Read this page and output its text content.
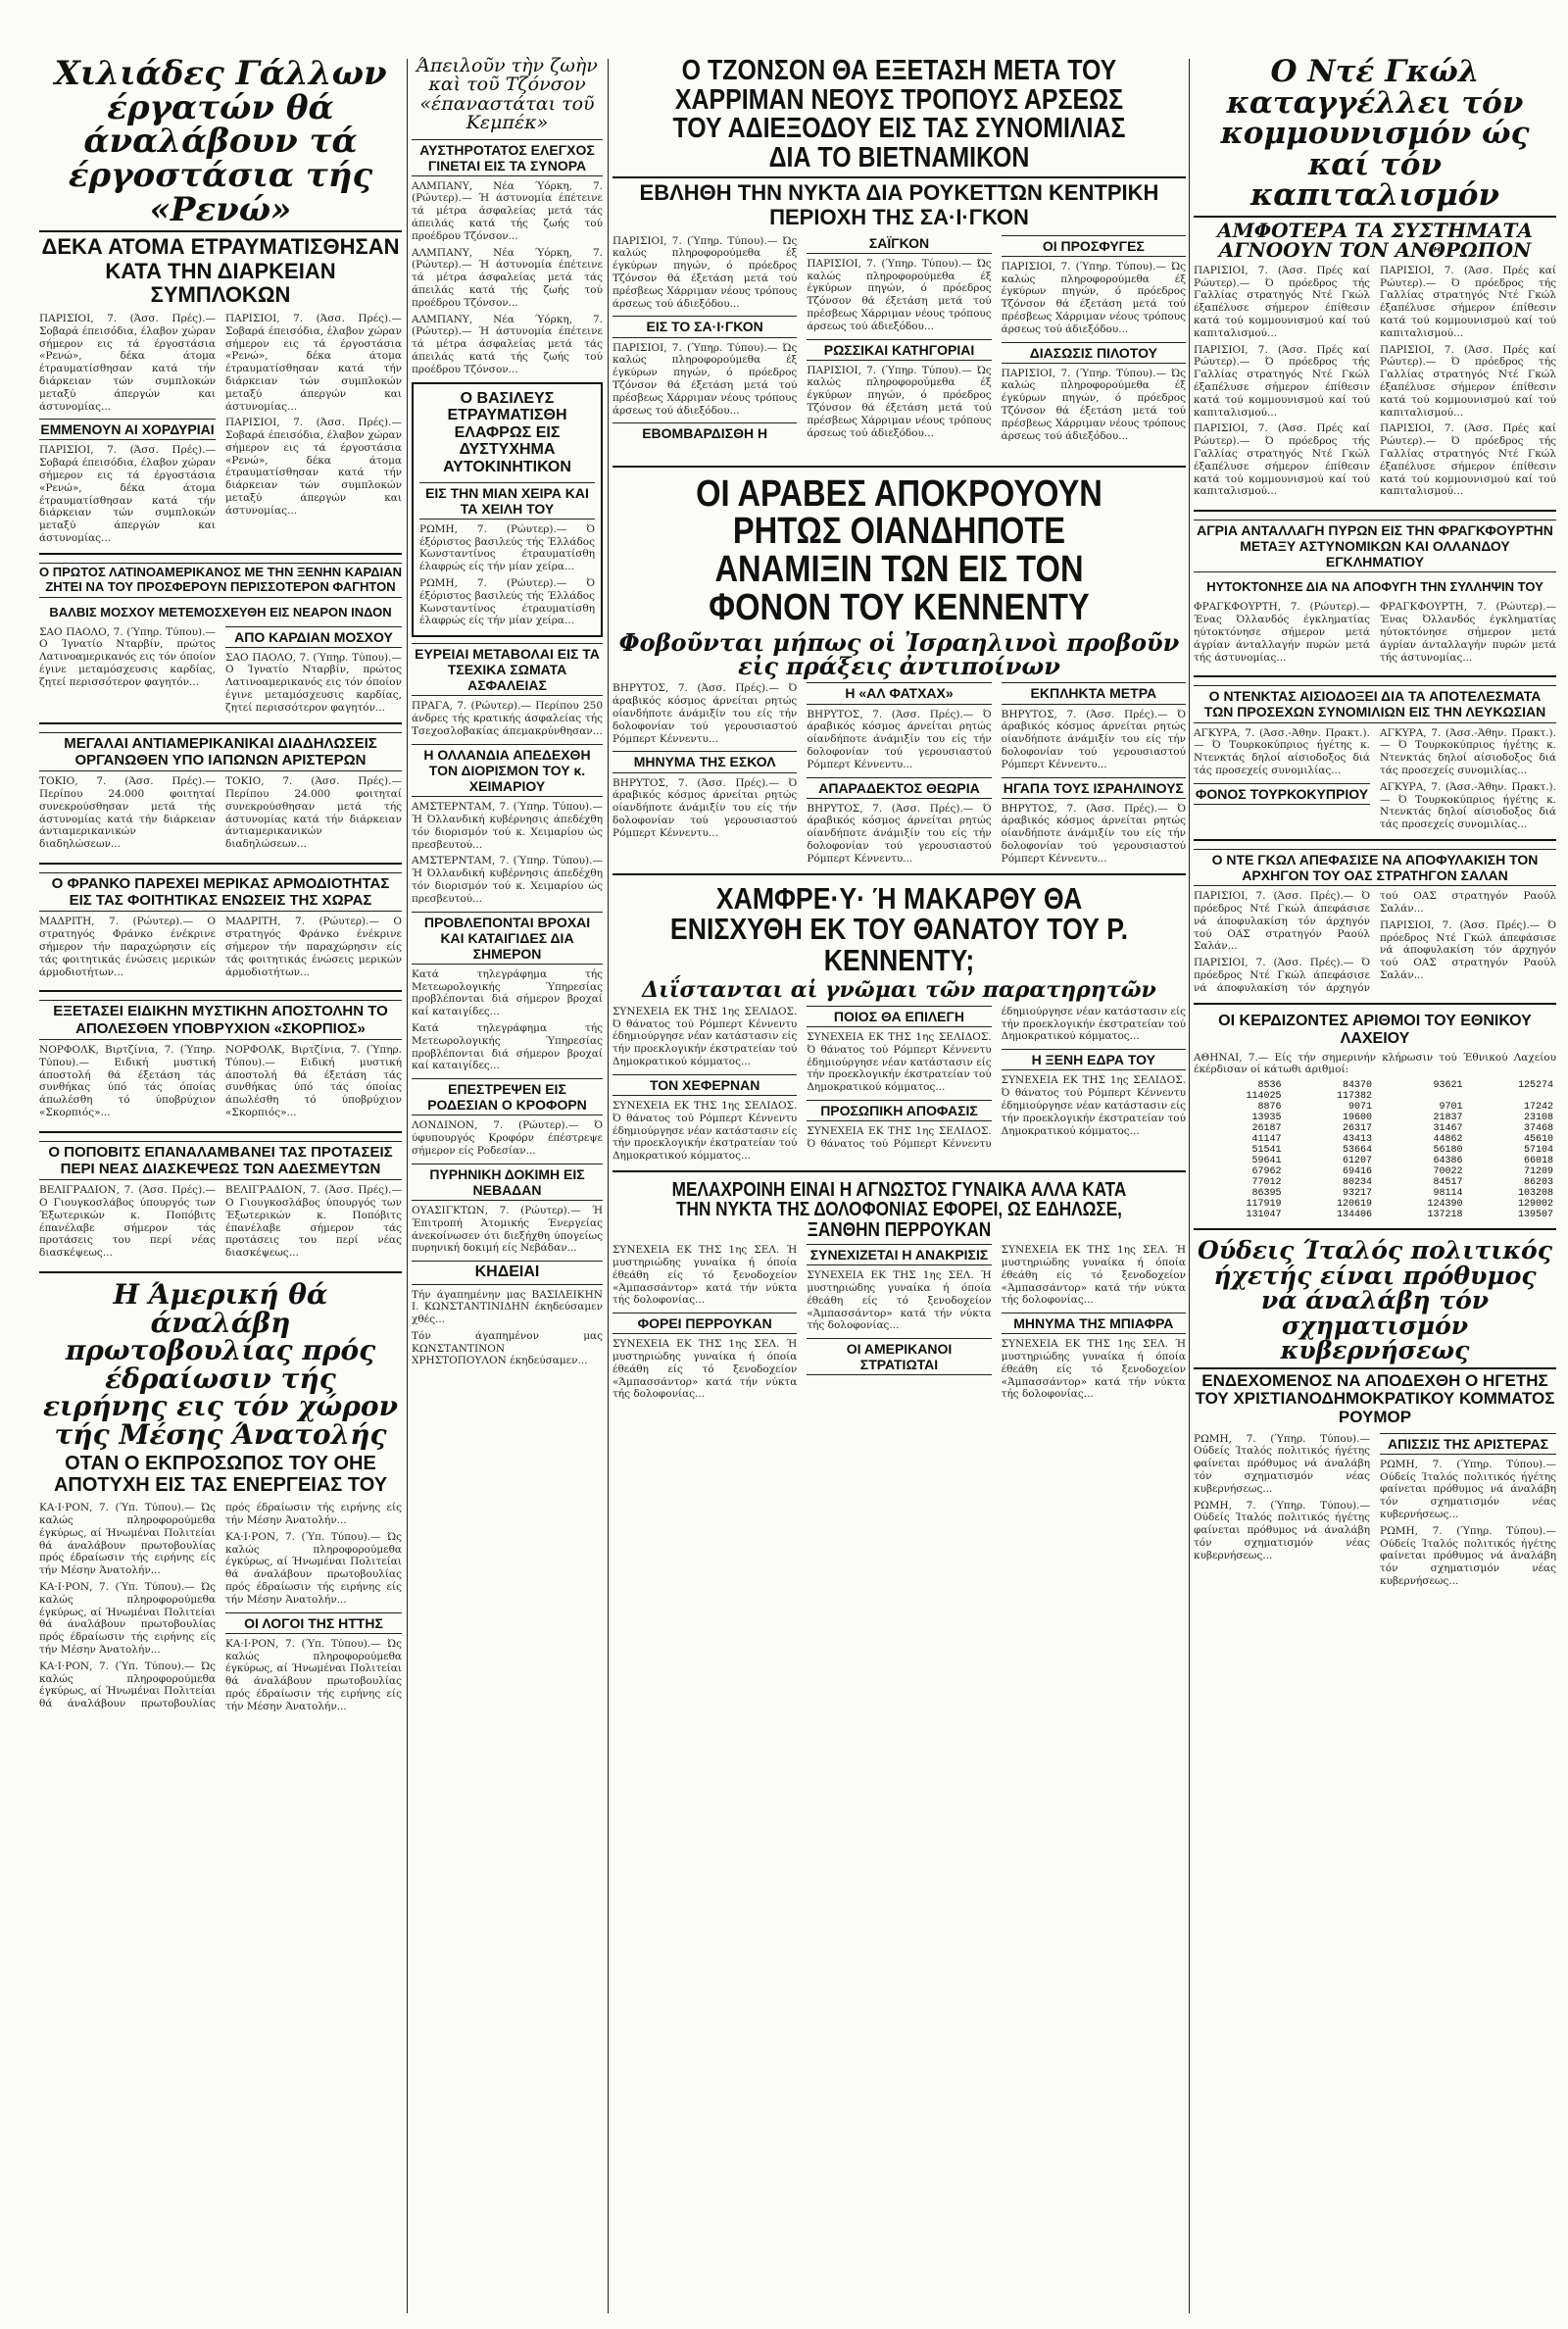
Χιλιάδες Γάλλων έργατών θά άναλάβουν τά έργοστάσια τής «Ρενώ»
ΔΕΚΑ ΑΤΟΜΑ ΕΤΡΑΥΜΑΤΙΣΘΗΣΑΝ ΚΑΤΑ ΤΗΝ ΔΙΑΡΚΕΙΑΝ ΣΥΜΠΛΟΚΩΝ

ΠΑΡΙΣΙΟΙ, 7. (Άσσ. Πρές).— Σοβαρά έπεισόδια, έλαβον χώραν σήμερον εις τά έργοστάσια «Ρενώ», δέκα άτομα έτραυματίσθησαν κατά τήν διάρκειαν τών συμπλοκών μεταξύ άπεργών και άστυνομίας...

ΕΜΜΕΝΟΥΝ ΑΙ ΧΟΡΔΥΡΙΑΙ

ΠΑΡΙΣΙΟΙ, 7. (Άσσ. Πρές).— Σοβαρά έπεισόδια, έλαβον χώραν σήμερον εις τά έργοστάσια «Ρενώ», δέκα άτομα έτραυματίσθησαν κατά τήν διάρκειαν τών συμπλοκών μεταξύ άπεργών και άστυνομίας...

ΠΑΡΙΣΙΟΙ, 7. (Άσσ. Πρές).— Σοβαρά έπεισόδια, έλαβον χώραν σήμερον εις τά έργοστάσια «Ρενώ», δέκα άτομα έτραυματίσθησαν κατά τήν διάρκειαν τών συμπλοκών μεταξύ άπεργών και άστυνομίας...

ΠΑΡΙΣΙΟΙ, 7. (Άσσ. Πρές).— Σοβαρά έπεισόδια, έλαβον χώραν σήμερον εις τά έργοστάσια «Ρενώ», δέκα άτομα έτραυματίσθησαν κατά τήν διάρκειαν τών συμπλοκών μεταξύ άπεργών και άστυνομίας...

Ο ΠΡΩΤΟΣ ΛΑΤΙΝΟΑΜΕΡΙΚΑΝΟΣ ΜΕ ΤΗΝ ΞΕΝΗΝ ΚΑΡΔΙΑΝ ΖΗΤΕΙ ΝΑ ΤΟΥ ΠΡΟΣΦΕΡΟΥΝ ΠΕΡΙΣΣΟΤΕΡΟΝ ΦΑΓΗΤΟΝ
ΒΑΛΒΙΣ ΜΟΣΧΟΥ ΜΕΤΕΜΟΣΧΕΥΘΗ ΕΙΣ ΝΕΑΡΟΝ ΙΝΔΟΝ

ΣΑΟ ΠΑΟΛΟ, 7. (Ύπηρ. Τύπου).— Ο Ίγνατίο Νταρβίν, πρώτος Λατινοαμερικανός εις τόν όποίον έγινε μεταμόσχευσις καρδίας, ζητεί περισσότερον φαγητόν...

ΑΠΟ ΚΑΡΔΙΑΝ ΜΟΣΧΟΥ

ΣΑΟ ΠΑΟΛΟ, 7. (Ύπηρ. Τύπου).— Ο Ίγνατίο Νταρβίν, πρώτος Λατινοαμερικανός εις τόν όποίον έγινε μεταμόσχευσις καρδίας, ζητεί περισσότερον φαγητόν...

ΜΕΓΑΛΑΙ ΑΝΤΙΑΜΕΡΙΚΑΝΙΚΑΙ ΔΙΑΔΗΛΩΣΕΙΣ ΟΡΓΑΝΩΘΕΝ ΥΠΟ ΙΑΠΩΝΩΝ ΑΡΙΣΤΕΡΩΝ

ΤΟΚΙΟ, 7. (Άσσ. Πρές).— Περίπου 24.000 φοιτηταί συνεκρούσθησαν μετά τής άστυνομίας κατά τήν διάρκειαν άντιαμερικανικών διαδηλώσεων...

ΤΟΚΙΟ, 7. (Άσσ. Πρές).— Περίπου 24.000 φοιτηταί συνεκρούσθησαν μετά τής άστυνομίας κατά τήν διάρκειαν άντιαμερικανικών διαδηλώσεων...

Ο ΦΡΑΝΚΟ ΠΑΡΕΧΕΙ ΜΕΡΙΚΑΣ ΑΡΜΟΔΙΟΤΗΤΑΣ ΕΙΣ ΤΑΣ ΦΟΙΤΗΤΙΚΑΣ ΕΝΩΣΕΙΣ ΤΗΣ ΧΩΡΑΣ

ΜΑΔΡΙΤΗ, 7. (Ρώυτερ).— Ο στρατηγός Φράνκο ένέκρινε σήμερον τήν παραχώρησιν είς τάς φοιτητικάς ένώσεις μερικών άρμοδιοτήτων...

ΜΑΔΡΙΤΗ, 7. (Ρώυτερ).— Ο στρατηγός Φράνκο ένέκρινε σήμερον τήν παραχώρησιν είς τάς φοιτητικάς ένώσεις μερικών άρμοδιοτήτων...

ΕΞΕΤΑΣΕΙ ΕΙΔΙΚΗΝ ΜΥΣΤΙΚΗΝ ΑΠΟΣΤΟΛΗΝ ΤΟ ΑΠΟΛΕΣΘΕΝ ΥΠΟΒΡΥΧΙΟΝ «ΣΚΟΡΠΙΟΣ»

ΝΟΡΦΟΛΚ, Βιρτζίνια, 7. (Ύπηρ. Τύπου).— Ειδική μυστική άποστολή θά έξετάση τάς συνθήκας ύπό τάς όποίας άπωλέσθη τό ύποβρύχιον «Σκορπιός»...

ΝΟΡΦΟΛΚ, Βιρτζίνια, 7. (Ύπηρ. Τύπου).— Ειδική μυστική άποστολή θά έξετάση τάς συνθήκας ύπό τάς όποίας άπωλέσθη τό ύποβρύχιον «Σκορπιός»...

Ο ΠΟΠΟΒΙΤΣ ΕΠΑΝΑΛΑΜΒΑΝΕΙ ΤΑΣ ΠΡΟΤΑΣΕΙΣ ΠΕΡΙ ΝΕΑΣ ΔΙΑΣΚΕΨΕΩΣ ΤΩΝ ΑΔΕΣΜΕΥΤΩΝ

ΒΕΛΙΓΡΑΔΙΟΝ, 7. (Άσσ. Πρές).— Ο Γιουγκοσλάβος ύπουργός των Έξωτερικών κ. Ποπόβιτς έπανέλαβε σήμερον τάς προτάσεις του περί νέας διασκέψεως...

ΒΕΛΙΓΡΑΔΙΟΝ, 7. (Άσσ. Πρές).— Ο Γιουγκοσλάβος ύπουργός των Έξωτερικών κ. Ποπόβιτς έπανέλαβε σήμερον τάς προτάσεις του περί νέας διασκέψεως...

Η Άμερική θά άναλάβη πρωτοβουλίας πρός έδραίωσιν τής ειρήνης εις τόν χώρον τής Μέσης Άνατολής
ΟΤΑΝ Ο ΕΚΠΡΟΣΩΠΟΣ ΤΟΥ ΟΗΕ ΑΠΟΤΥΧΗ ΕΙΣ ΤΑΣ ΕΝΕΡΓΕΙΑΣ ΤΟΥ

ΚΑ·Ι·ΡΟΝ, 7. (Ύπ. Τύπου).— Ώς καλώς πληροφορούμεθα έγκύρως, αί Ήνωμέναι Πολιτείαι θά άναλάβουν πρωτοβουλίας πρός έδραίωσιν τής ειρήνης είς τήν Μέσην Άνατολήν...

ΚΑ·Ι·ΡΟΝ, 7. (Ύπ. Τύπου).— Ώς καλώς πληροφορούμεθα έγκύρως, αί Ήνωμέναι Πολιτείαι θά άναλάβουν πρωτοβουλίας πρός έδραίωσιν τής ειρήνης είς τήν Μέσην Άνατολήν...

ΚΑ·Ι·ΡΟΝ, 7. (Ύπ. Τύπου).— Ώς καλώς πληροφορούμεθα έγκύρως, αί Ήνωμέναι Πολιτείαι θά άναλάβουν πρωτοβουλίας πρός έδραίωσιν τής ειρήνης είς τήν Μέσην Άνατολήν...

ΚΑ·Ι·ΡΟΝ, 7. (Ύπ. Τύπου).— Ώς καλώς πληροφορούμεθα έγκύρως, αί Ήνωμέναι Πολιτείαι θά άναλάβουν πρωτοβουλίας πρός έδραίωσιν τής ειρήνης είς τήν Μέσην Άνατολήν...

ΟΙ ΛΟΓΟΙ ΤΗΣ ΗΤΤΗΣ

ΚΑ·Ι·ΡΟΝ, 7. (Ύπ. Τύπου).— Ώς καλώς πληροφορούμεθα έγκύρως, αί Ήνωμέναι Πολιτείαι θά άναλάβουν πρωτοβουλίας πρός έδραίωσιν τής ειρήνης είς τήν Μέσην Άνατολήν...

Άπειλοῦν τὴν ζωὴν καὶ τοῦ Τζόνσον «έπαναστάται τοῦ Κεμπέκ»
ΑΥΣΤΗΡΟΤΑΤΟΣ ΕΛΕΓΧΟΣ ΓΙΝΕΤΑΙ ΕΙΣ ΤΑ ΣΥΝΟΡΑ

ΑΛΜΠΑΝΥ, Νέα Ύόρκη, 7. (Ρώυτερ).— Ή άστυνομία έπέτεινε τά μέτρα άσφαλείας μετά τάς άπειλάς κατά τής ζωής τού προέδρου Τζόνσον...

ΑΛΜΠΑΝΥ, Νέα Ύόρκη, 7. (Ρώυτερ).— Ή άστυνομία έπέτεινε τά μέτρα άσφαλείας μετά τάς άπειλάς κατά τής ζωής τού προέδρου Τζόνσον...

ΑΛΜΠΑΝΥ, Νέα Ύόρκη, 7. (Ρώυτερ).— Ή άστυνομία έπέτεινε τά μέτρα άσφαλείας μετά τάς άπειλάς κατά τής ζωής τού προέδρου Τζόνσον...

Ο ΒΑΣΙΛΕΥΣ ΕΤΡΑΥΜΑΤΙΣΘΗ ΕΛΑΦΡΩΣ ΕΙΣ ΔΥΣΤΥΧΗΜΑ ΑΥΤΟΚΙΝΗΤΙΚΟΝ
ΕΙΣ ΤΗΝ ΜΙΑΝ ΧΕΙΡΑ ΚΑΙ ΤΑ ΧΕΙΛΗ ΤΟΥ

ΡΩΜΗ, 7. (Ρώυτερ).— Ό έξόριστος βασιλεύς τής Έλλάδος Κωνσταντίνος έτραυματίσθη έλαφρώς είς τήν μίαν χείρα...

ΡΩΜΗ, 7. (Ρώυτερ).— Ό έξόριστος βασιλεύς τής Έλλάδος Κωνσταντίνος έτραυματίσθη έλαφρώς είς τήν μίαν χείρα...

ΕΥΡΕΙΑΙ ΜΕΤΑΒΟΛΑΙ ΕΙΣ ΤΑ ΤΣΕΧΙΚΑ ΣΩΜΑΤΑ ΑΣΦΑΛΕΙΑΣ

ΠΡΑΓΑ, 7. (Ρώυτερ).— Περίπου 250 άνδρες τής κρατικής άσφαλείας τής Τσεχοσλοβακίας άπεμακρύνθησαν...

Η ΟΛΛΑΝΔΙΑ ΑΠΕΔΕΧΘΗ ΤΟΝ ΔΙΟΡΙΣΜΟΝ ΤΟΥ κ. ΧΕΙΜΑΡΙΟΥ

ΑΜΣΤΕΡΝΤΑΜ, 7. (Ύπηρ. Τύπου).— Ή Όλλανδική κυβέρνησις άπεδέχθη τόν διορισμόν τού κ. Χειμαρίου ώς πρεσβευτού...

ΑΜΣΤΕΡΝΤΑΜ, 7. (Ύπηρ. Τύπου).— Ή Όλλανδική κυβέρνησις άπεδέχθη τόν διορισμόν τού κ. Χειμαρίου ώς πρεσβευτού...

ΠΡΟΒΛΕΠΟΝΤΑΙ ΒΡΟΧΑΙ ΚΑΙ ΚΑΤΑΙΓΙΔΕΣ ΔΙΑ ΣΗΜΕΡΟΝ

Κατά τηλεγράφημα τής Μετεωρολογικής Ύπηρεσίας προβλέπονται διά σήμερον βροχαί καί καταιγίδες...

Κατά τηλεγράφημα τής Μετεωρολογικής Ύπηρεσίας προβλέπονται διά σήμερον βροχαί καί καταιγίδες...

ΕΠΕΣΤΡΕΨΕΝ ΕΙΣ ΡΟΔΕΣΙΑΝ Ο ΚΡΟΦΟΡΝ

ΛΟΝΔΙΝΟΝ, 7. (Ρώυτερ).— Ό ύφυπουργός Κροφόρν έπέστρεψε σήμερον είς Ροδεσίαν...

ΠΥΡΗΝΙΚΗ ΔΟΚΙΜΗ ΕΙΣ ΝΕΒΑΔΑΝ

ΟΥΑΣΙΓΚΤΩΝ, 7. (Ρώυτερ).— Ή Έπιτροπή Άτομικής Ένεργείας άνεκοίνωσεν ότι διεξήχθη ύπογείως πυρηνική δοκιμή είς Νεβάδαν...

ΚΗΔΕΙΑΙ

Τήν άγαπημένην μας ΒΑΣΙΛΕΙΚΗΝ Ι. ΚΩΝΣΤΑΝΤΙΝΙΔΗΝ έκηδεύσαμεν χθές...

Τόν άγαπημένον μας ΚΩΝΣΤΑΝΤΙΝΟΝ ΧΡΗΣΤΟΠΟΥΛΟΝ έκηδεύσαμεν...

Ο ΤΖΟΝΣΟΝ ΘΑ ΕΞΕΤΑΣΗ ΜΕΤΑ ΤΟΥ ΧΑΡΡΙΜΑΝ ΝΕΟΥΣ ΤΡΟΠΟΥΣ ΑΡΣΕΩΣ ΤΟΥ ΑΔΙΕΞΟΔΟΥ ΕΙΣ ΤΑΣ ΣΥΝΟΜΙΛΙΑΣ ΔΙΑ ΤΟ ΒΙΕΤΝΑΜΙΚΟΝ
ΕΒΛΗΘΗ ΤΗΝ ΝΥΚΤΑ ΔΙΑ ΡΟΥΚΕΤΤΩΝ ΚΕΝΤΡΙΚΗ ΠΕΡΙΟΧΗ ΤΗΣ ΣΑ·Ι·ΓΚΟΝ

ΠΑΡΙΣΙΟΙ, 7. (Ύπηρ. Τύπου).— Ώς καλώς πληροφορούμεθα έξ έγκύρων πηγών, ό πρόεδρος Τζόνσον θά έξετάση μετά τού πρέσβεως Χάρριμαν νέους τρόπους άρσεως τού άδιεξόδου...

ΕΙΣ ΤΟ ΣΑ·Ι·ΓΚΟΝ

ΠΑΡΙΣΙΟΙ, 7. (Ύπηρ. Τύπου).— Ώς καλώς πληροφορούμεθα έξ έγκύρων πηγών, ό πρόεδρος Τζόνσον θά έξετάση μετά τού πρέσβεως Χάρριμαν νέους τρόπους άρσεως τού άδιεξόδου...

ΕΒΟΜΒΑΡΔΙΣΘΗ Η ΣΑΪΓΚΟΝ

ΠΑΡΙΣΙΟΙ, 7. (Ύπηρ. Τύπου).— Ώς καλώς πληροφορούμεθα έξ έγκύρων πηγών, ό πρόεδρος Τζόνσον θά έξετάση μετά τού πρέσβεως Χάρριμαν νέους τρόπους άρσεως τού άδιεξόδου...

ΡΩΣΣΙΚΑΙ ΚΑΤΗΓΟΡΙΑΙ

ΠΑΡΙΣΙΟΙ, 7. (Ύπηρ. Τύπου).— Ώς καλώς πληροφορούμεθα έξ έγκύρων πηγών, ό πρόεδρος Τζόνσον θά έξετάση μετά τού πρέσβεως Χάρριμαν νέους τρόπους άρσεως τού άδιεξόδου...

ΟΙ ΠΡΟΣΦΥΓΕΣ

ΠΑΡΙΣΙΟΙ, 7. (Ύπηρ. Τύπου).— Ώς καλώς πληροφορούμεθα έξ έγκύρων πηγών, ό πρόεδρος Τζόνσον θά έξετάση μετά τού πρέσβεως Χάρριμαν νέους τρόπους άρσεως τού άδιεξόδου...

ΔΙΑΣΩΣΙΣ ΠΙΛΟΤΟΥ

ΠΑΡΙΣΙΟΙ, 7. (Ύπηρ. Τύπου).— Ώς καλώς πληροφορούμεθα έξ έγκύρων πηγών, ό πρόεδρος Τζόνσον θά έξετάση μετά τού πρέσβεως Χάρριμαν νέους τρόπους άρσεως τού άδιεξόδου...

ΟΙ ΑΡΑΒΕΣ ΑΠΟΚΡΟΥΟΥΝ ΡΗΤΩΣ ΟΙΑΝΔΗΠΟΤΕ ΑΝΑΜΙΞΙΝ ΤΩΝ ΕΙΣ ΤΟΝ ΦΟΝΟΝ ΤΟΥ ΚΕΝΝΕΝΤΥ
Φοβοῦνται μήπως οἱ Ἰσραηλινοὶ προβοῦν εἰς πράξεις ἀντιποίνων

ΒΗΡΥΤΟΣ, 7. (Άσσ. Πρές).— Ό άραβικός κόσμος άρνείται ρητώς οίανδήποτε άνάμιξίν του είς τήν δολοφονίαν τού γερουσιαστού Ρόμπερτ Κέννεντυ...

ΜΗΝΥΜΑ ΤΗΣ ΕΣΚΟΛ

ΒΗΡΥΤΟΣ, 7. (Άσσ. Πρές).— Ό άραβικός κόσμος άρνείται ρητώς οίανδήποτε άνάμιξίν του είς τήν δολοφονίαν τού γερουσιαστού Ρόμπερτ Κέννεντυ...

Η «ΑΛ ΦΑΤΧΑΧ»

ΒΗΡΥΤΟΣ, 7. (Άσσ. Πρές).— Ό άραβικός κόσμος άρνείται ρητώς οίανδήποτε άνάμιξίν του είς τήν δολοφονίαν τού γερουσιαστού Ρόμπερτ Κέννεντυ...

ΑΠΑΡΑΔΕΚΤΟΣ ΘΕΩΡΙΑ

ΒΗΡΥΤΟΣ, 7. (Άσσ. Πρές).— Ό άραβικός κόσμος άρνείται ρητώς οίανδήποτε άνάμιξίν του είς τήν δολοφονίαν τού γερουσιαστού Ρόμπερτ Κέννεντυ...

ΕΚΠΛΗΚΤΑ ΜΕΤΡΑ

ΒΗΡΥΤΟΣ, 7. (Άσσ. Πρές).— Ό άραβικός κόσμος άρνείται ρητώς οίανδήποτε άνάμιξίν του είς τήν δολοφονίαν τού γερουσιαστού Ρόμπερτ Κέννεντυ...

ΗΓΑΠΑ ΤΟΥΣ ΙΣΡΑΗΛΙΝΟΥΣ

ΒΗΡΥΤΟΣ, 7. (Άσσ. Πρές).— Ό άραβικός κόσμος άρνείται ρητώς οίανδήποτε άνάμιξίν του είς τήν δολοφονίαν τού γερουσιαστού Ρόμπερτ Κέννεντυ...

ΧΑΜΦΡΕ·Υ· Ή ΜΑΚΑΡΘΥ ΘΑ ΕΝΙΣΧΥΘΗ ΕΚ ΤΟΥ ΘΑΝΑΤΟΥ ΤΟΥ Ρ. ΚΕΝΝΕΝΤΥ;
Διΐστανται αἱ γνῶμαι τῶν παρατηρητῶν

ΣΥΝΕΧΕΙΑ ΕΚ ΤΗΣ 1ης ΣΕΛΙΔΟΣ. Ό θάνατος τού Ρόμπερτ Κέννεντυ έδημιούργησε νέαν κατάστασιν είς τήν προεκλογικήν έκστρατείαν τού Δημοκρατικού κόμματος...

ΤΟΝ ΧΕΦΕΡΝΑΝ

ΣΥΝΕΧΕΙΑ ΕΚ ΤΗΣ 1ης ΣΕΛΙΔΟΣ. Ό θάνατος τού Ρόμπερτ Κέννεντυ έδημιούργησε νέαν κατάστασιν είς τήν προεκλογικήν έκστρατείαν τού Δημοκρατικού κόμματος...

ΠΟΙΟΣ ΘΑ ΕΠΙΛΕΓΗ

ΣΥΝΕΧΕΙΑ ΕΚ ΤΗΣ 1ης ΣΕΛΙΔΟΣ. Ό θάνατος τού Ρόμπερτ Κέννεντυ έδημιούργησε νέαν κατάστασιν είς τήν προεκλογικήν έκστρατείαν τού Δημοκρατικού κόμματος...

ΠΡΟΣΩΠΙΚΗ ΑΠΟΦΑΣΙΣ

ΣΥΝΕΧΕΙΑ ΕΚ ΤΗΣ 1ης ΣΕΛΙΔΟΣ. Ό θάνατος τού Ρόμπερτ Κέννεντυ έδημιούργησε νέαν κατάστασιν είς τήν προεκλογικήν έκστρατείαν τού Δημοκρατικού κόμματος...

Η ΞΕΝΗ ΕΔΡΑ ΤΟΥ

ΣΥΝΕΧΕΙΑ ΕΚ ΤΗΣ 1ης ΣΕΛΙΔΟΣ. Ό θάνατος τού Ρόμπερτ Κέννεντυ έδημιούργησε νέαν κατάστασιν είς τήν προεκλογικήν έκστρατείαν τού Δημοκρατικού κόμματος...

ΜΕΛΑΧΡΟΙΝΗ ΕΙΝΑΙ Η ΑΓΝΩΣΤΟΣ ΓΥΝΑΙΚΑ ΑΛΛΑ ΚΑΤΑ ΤΗΝ ΝΥΚΤΑ ΤΗΣ ΔΟΛΟΦΟΝΙΑΣ ΕΦΟΡΕΙ, ΩΣ ΕΔΗΛΩΣΕ, ΞΑΝΘΗΝ ΠΕΡΡΟΥΚΑΝ

ΣΥΝΕΧΕΙΑ ΕΚ ΤΗΣ 1ης ΣΕΛ. Ή μυστηριώδης γυναίκα ή όποία έθεάθη είς τό ξενοδοχείον «Άμπασσάντορ» κατά τήν νύκτα τής δολοφονίας...

ΦΟΡΕΙ ΠΕΡΡΟΥΚΑΝ

ΣΥΝΕΧΕΙΑ ΕΚ ΤΗΣ 1ης ΣΕΛ. Ή μυστηριώδης γυναίκα ή όποία έθεάθη είς τό ξενοδοχείον «Άμπασσάντορ» κατά τήν νύκτα τής δολοφονίας...

ΣΥΝΕΧΙΖΕΤΑΙ Η ΑΝΑΚΡΙΣΙΣ

ΣΥΝΕΧΕΙΑ ΕΚ ΤΗΣ 1ης ΣΕΛ. Ή μυστηριώδης γυναίκα ή όποία έθεάθη είς τό ξενοδοχείον «Άμπασσάντορ» κατά τήν νύκτα τής δολοφονίας...

ΟΙ ΑΜΕΡΙΚΑΝΟΙ ΣΤΡΑΤΙΩΤΑΙ

ΣΥΝΕΧΕΙΑ ΕΚ ΤΗΣ 1ης ΣΕΛ. Ή μυστηριώδης γυναίκα ή όποία έθεάθη είς τό ξενοδοχείον «Άμπασσάντορ» κατά τήν νύκτα τής δολοφονίας...

ΜΗΝΥΜΑ ΤΗΣ ΜΠΙΑΦΡΑ

ΣΥΝΕΧΕΙΑ ΕΚ ΤΗΣ 1ης ΣΕΛ. Ή μυστηριώδης γυναίκα ή όποία έθεάθη είς τό ξενοδοχείον «Άμπασσάντορ» κατά τήν νύκτα τής δολοφονίας...

Ο Ντέ Γκώλ καταγγέλλει τόν κομμουνισμόν ώς καί τόν καπιταλισμόν
ΑΜΦΟΤΕΡΑ ΤΑ ΣΥΣΤΗΜΑΤΑ ΑΓΝΟΟΥΝ ΤΟΝ ΑΝΘΡΩΠΟΝ

ΠΑΡΙΣΙΟΙ, 7. (Άσσ. Πρές καί Ρώυτερ).— Ό πρόεδρος τής Γαλλίας στρατηγός Ντέ Γκώλ έξαπέλυσε σήμερον έπίθεσιν κατά τού κομμουνισμού καί τού καπιταλισμού...

ΠΑΡΙΣΙΟΙ, 7. (Άσσ. Πρές καί Ρώυτερ).— Ό πρόεδρος τής Γαλλίας στρατηγός Ντέ Γκώλ έξαπέλυσε σήμερον έπίθεσιν κατά τού κομμουνισμού καί τού καπιταλισμού...

ΠΑΡΙΣΙΟΙ, 7. (Άσσ. Πρές καί Ρώυτερ).— Ό πρόεδρος τής Γαλλίας στρατηγός Ντέ Γκώλ έξαπέλυσε σήμερον έπίθεσιν κατά τού κομμουνισμού καί τού καπιταλισμού...

ΠΑΡΙΣΙΟΙ, 7. (Άσσ. Πρές καί Ρώυτερ).— Ό πρόεδρος τής Γαλλίας στρατηγός Ντέ Γκώλ έξαπέλυσε σήμερον έπίθεσιν κατά τού κομμουνισμού καί τού καπιταλισμού...

ΠΑΡΙΣΙΟΙ, 7. (Άσσ. Πρές καί Ρώυτερ).— Ό πρόεδρος τής Γαλλίας στρατηγός Ντέ Γκώλ έξαπέλυσε σήμερον έπίθεσιν κατά τού κομμουνισμού καί τού καπιταλισμού...

ΠΑΡΙΣΙΟΙ, 7. (Άσσ. Πρές καί Ρώυτερ).— Ό πρόεδρος τής Γαλλίας στρατηγός Ντέ Γκώλ έξαπέλυσε σήμερον έπίθεσιν κατά τού κομμουνισμού καί τού καπιταλισμού...

ΑΓΡΙΑ ΑΝΤΑΛΛΑΓΗ ΠΥΡΩΝ ΕΙΣ ΤΗΝ ΦΡΑΓΚΦΟΥΡΤΗΝ ΜΕΤΑΞΥ ΑΣΤΥΝΟΜΙΚΩΝ ΚΑΙ ΟΛΛΑΝΔΟΥ ΕΓΚΛΗΜΑΤΙΟΥ
ΗΥΤΟΚΤΟΝΗΣΕ ΔΙΑ ΝΑ ΑΠΟΦΥΓΗ ΤΗΝ ΣΥΛΛΗΨΙΝ ΤΟΥ

ΦΡΑΓΚΦΟΥΡΤΗ, 7. (Ρώυτερ).— Ένας Όλλανδός έγκληματίας ηύτοκτόνησε σήμερον μετά άγρίαν άνταλλαγήν πυρών μετά τής άστυνομίας...

ΦΡΑΓΚΦΟΥΡΤΗ, 7. (Ρώυτερ).— Ένας Όλλανδός έγκληματίας ηύτοκτόνησε σήμερον μετά άγρίαν άνταλλαγήν πυρών μετά τής άστυνομίας...

Ο ΝΤΕΝΚΤΑΣ ΑΙΣΙΟΔΟΞΕΙ ΔΙΑ ΤΑ ΑΠΟΤΕΛΕΣΜΑΤΑ ΤΩΝ ΠΡΟΣΕΧΩΝ ΣΥΝΟΜΙΛΙΩΝ ΕΙΣ ΤΗΝ ΛΕΥΚΩΣΙΑΝ

ΑΓΚΥΡΑ, 7. (Άσσ.-Άθην. Πρακτ.).— Ό Τουρκοκύπριος ήγέτης κ. Ντενκτάς δηλοί αίσιοδοξος διά τάς προσεχείς συνομιλίας...

ΦΟΝΟΣ ΤΟΥΡΚΟΚΥΠΡΙΟΥ

ΑΓΚΥΡΑ, 7. (Άσσ.-Άθην. Πρακτ.).— Ό Τουρκοκύπριος ήγέτης κ. Ντενκτάς δηλοί αίσιοδοξος διά τάς προσεχείς συνομιλίας...

ΑΓΚΥΡΑ, 7. (Άσσ.-Άθην. Πρακτ.).— Ό Τουρκοκύπριος ήγέτης κ. Ντενκτάς δηλοί αίσιοδοξος διά τάς προσεχείς συνομιλίας...

Ο ΝΤΕ ΓΚΩΛ ΑΠΕΦΑΣΙΣΕ ΝΑ ΑΠΟΦΥΛΑΚΙΣΗ ΤΟΝ ΑΡΧΗΓΟΝ ΤΟΥ ΟΑΣ ΣΤΡΑΤΗΓΟΝ ΣΑΛΑΝ

ΠΑΡΙΣΙΟΙ, 7. (Άσσ. Πρές).— Ό πρόεδρος Ντέ Γκώλ άπεφάσισε νά άποφυλακίση τόν άρχηγόν τού ΟΑΣ στρατηγόν Ραούλ Σαλάν...

ΠΑΡΙΣΙΟΙ, 7. (Άσσ. Πρές).— Ό πρόεδρος Ντέ Γκώλ άπεφάσισε νά άποφυλακίση τόν άρχηγόν τού ΟΑΣ στρατηγόν Ραούλ Σαλάν...

ΠΑΡΙΣΙΟΙ, 7. (Άσσ. Πρές).— Ό πρόεδρος Ντέ Γκώλ άπεφάσισε νά άποφυλακίση τόν άρχηγόν τού ΟΑΣ στρατηγόν Ραούλ Σαλάν...

ΟΙ ΚΕΡΔΙΖΟΝΤΕΣ ΑΡΙΘΜΟΙ ΤΟΥ ΕΘΝΙΚΟΥ ΛΑΧΕΙΟΥ

ΑΘΗΝΑΙ, 7.— Είς τήν σημερινήν κλήρωσιν τού Έθνικού Λαχείου έκέρδισαν οί κάτωθι άριθμοί:

8536	84370	93621	125274
114025	117382		
8876	9071	9701	17242
13935	19600	21837	23108
26187	26317	31467	37468
41147	43413	44862	45610
51541	53664	56180	57104
59641	61207	64386	66018
67962	69416	70022	71209
77012	80234	84517	86203
86395	93217	98114	103208
117919	120619	124390	129002
131047	134406	137218	139507
Ούδεις Ίταλός πολιτικός ήχετής είναι πρόθυμος νά άναλάβη τόν σχηματισμόν κυβερνήσεως
ΕΝΔΕΧΟΜΕΝΟΣ ΝΑ ΑΠΟΔΕΧΘΗ Ο ΗΓΕΤΗΣ ΤΟΥ ΧΡΙΣΤΙΑΝΟΔΗΜΟΚΡΑΤΙΚΟΥ ΚΟΜΜΑΤΟΣ ΡΟΥΜΟΡ

ΡΩΜΗ, 7. (Ύπηρ. Τύπου).— Ούδείς Ίταλός πολιτικός ήγέτης φαίνεται πρόθυμος νά άναλάβη τόν σχηματισμόν νέας κυβερνήσεως...

ΡΩΜΗ, 7. (Ύπηρ. Τύπου).— Ούδείς Ίταλός πολιτικός ήγέτης φαίνεται πρόθυμος νά άναλάβη τόν σχηματισμόν νέας κυβερνήσεως...

ΑΠΙΣΣΙΣ ΤΗΣ ΑΡΙΣΤΕΡΑΣ

ΡΩΜΗ, 7. (Ύπηρ. Τύπου).— Ούδείς Ίταλός πολιτικός ήγέτης φαίνεται πρόθυμος νά άναλάβη τόν σχηματισμόν νέας κυβερνήσεως...

ΡΩΜΗ, 7. (Ύπηρ. Τύπου).— Ούδείς Ίταλός πολιτικός ήγέτης φαίνεται πρόθυμος νά άναλάβη τόν σχηματισμόν νέας κυβερνήσεως...
